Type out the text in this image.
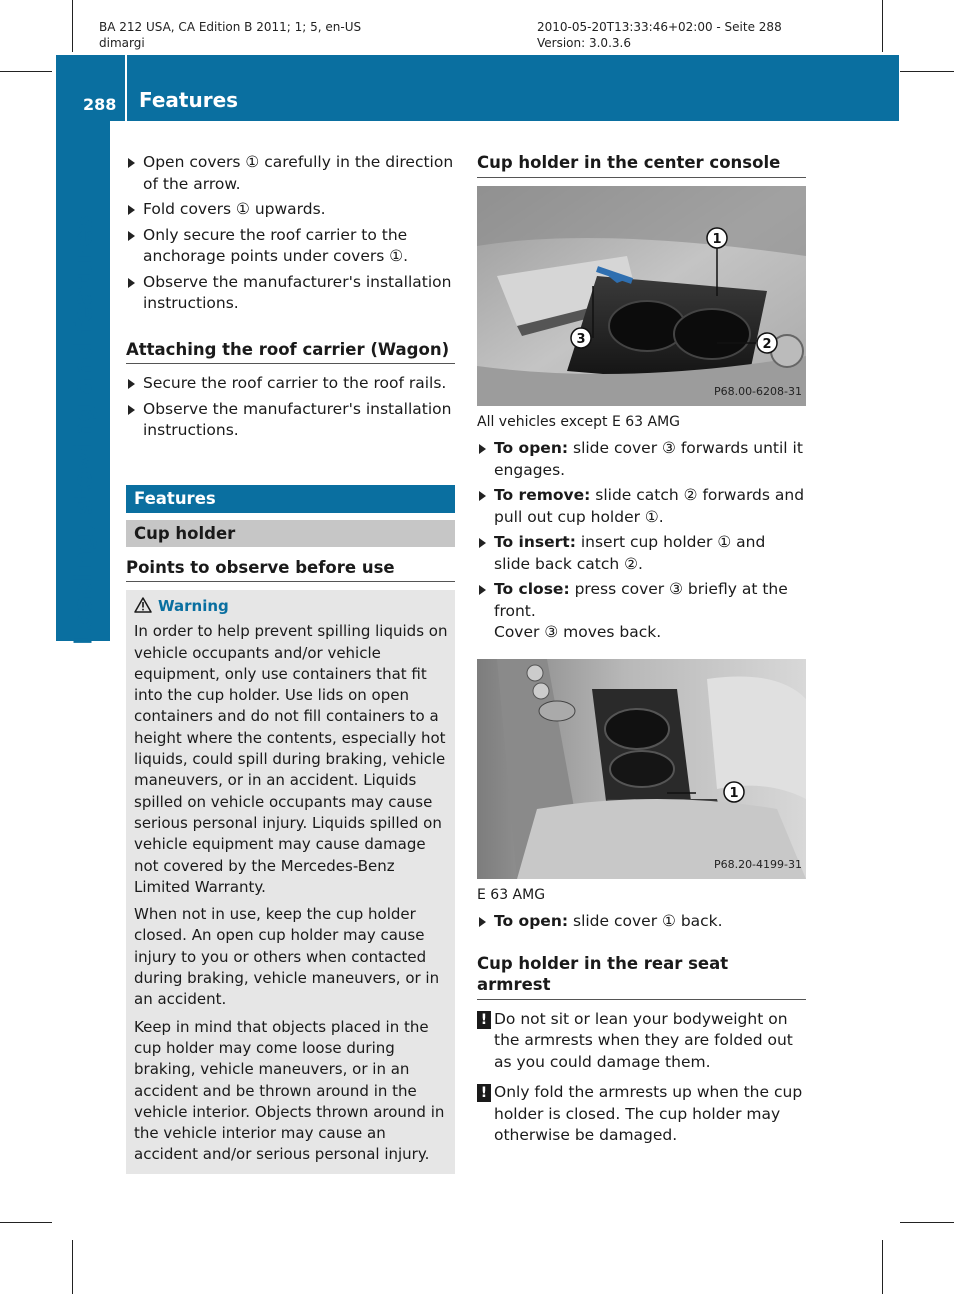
BA 212 USA, CA Edition B 2011; 1; 5, en-US
dimargi
2010-05-20T13:33:46+02:00 - Seite 288
Version: 3.0.3.6
288 Features
Loading, stowing and features
Open covers ① carefully in the direction of the arrow.
Fold covers ① upwards.
Only secure the roof carrier to the anchorage points under covers ①.
Observe the manufacturer's installation instructions.
Attaching the roof carrier (Wagon)
Secure the roof carrier to the roof rails.
Observe the manufacturer's installation instructions.
Features
Cup holder
Points to observe before use
Warning

In order to help prevent spilling liquids on vehicle occupants and/or vehicle equipment, only use containers that fit into the cup holder. Use lids on open containers and do not fill containers to a height where the contents, especially hot liquids, could spill during braking, vehicle maneuvers, or in an accident. Liquids spilled on vehicle occupants may cause serious personal injury. Liquids spilled on vehicle equipment may cause damage not covered by the Mercedes-Benz Limited Warranty.

When not in use, keep the cup holder closed. An open cup holder may cause injury to you or others when contacted during braking, vehicle maneuvers, or in an accident.

Keep in mind that objects placed in the cup holder may come loose during braking, vehicle maneuvers, or in an accident and be thrown around in the vehicle interior. Objects thrown around in the vehicle interior may cause an accident and/or serious personal injury.

Cup holder in the center console
1
2
3
P68.00-6208-31
All vehicles except E 63 AMG
To open: slide cover ③ forwards until it engages.
To remove: slide catch ② forwards and pull out cup holder ①.
To insert: insert cup holder ① and slide back catch ②.
To close: press cover ③ briefly at the front.
Cover ③ moves back.
1
P68.20-4199-31
E 63 AMG
To open: slide cover ① back.
Cup holder in the rear seat armrest
! Do not sit or lean your bodyweight on the armrests when they are folded out as you could damage them.
! Only fold the armrests up when the cup holder is closed. The cup holder may otherwise be damaged.
